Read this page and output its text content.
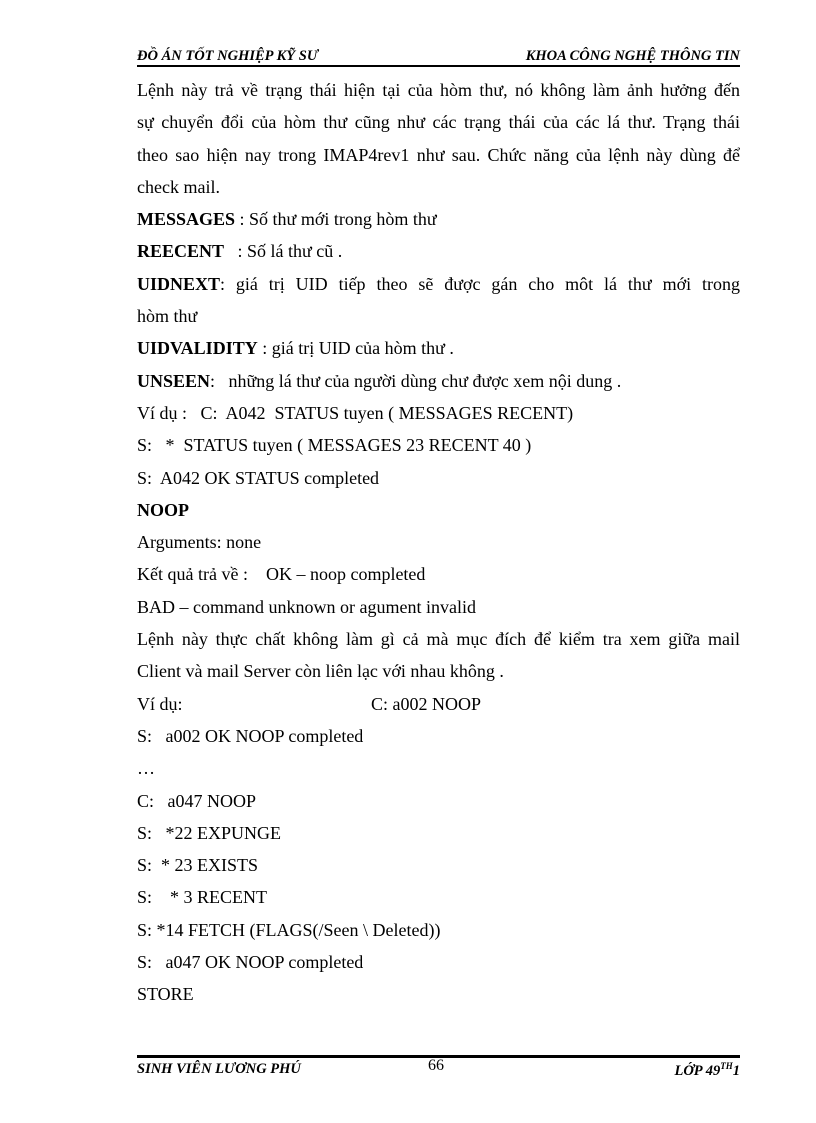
ĐỒ ÁN TỐT NGHIỆP KỸ SƯ	KHOA CÔNG NGHỆ THÔNG TIN
Lệnh này trả về trạng thái hiện tại của hòm thư, nó không làm ảnh hưởng đến
sự chuyển đổi của hòm thư cũng như các trạng thái của các lá thư. Trạng thái
theo sao hiện nay trong IMAP4rev1 như sau. Chức năng của lệnh này dùng để
check mail.
MESSAGES : Số thư mới trong hòm thư
REECENT   : Số lá thư cũ .
UIDNEXT: giá trị UID tiếp theo sẽ được gán cho môt lá thư mới trong
hòm thư
UIDVALIDITY : giá trị UID của hòm thư .
UNSEEN:   những lá thư của người dùng chư được xem nội dung .
Ví dụ :   C:  A042  STATUS tuyen ( MESSAGES RECENT)
S:   *  STATUS tuyen ( MESSAGES 23 RECENT 40 )
S:  A042 OK STATUS completed
NOOP
Arguments: none
Kết quả trả về :    OK – noop completed
BAD – command unknown or agument invalid
Lệnh này thực chất không làm gì cả mà mục đích để kiểm tra xem giữa mail
Client và mail Server còn liên lạc với nhau không .
Ví dụ:	C: a002 NOOP
S:   a002 OK NOOP completed
…
C:   a047 NOOP
S:   *22 EXPUNGE
S:  * 23 EXISTS
S:    * 3 RECENT
S: *14 FETCH (FLAGS(/Seen \ Deleted))
S:   a047 OK NOOP completed
STORE
SINH VIÊN LƯƠNG PHÚ	66	LỚP 49TH1
